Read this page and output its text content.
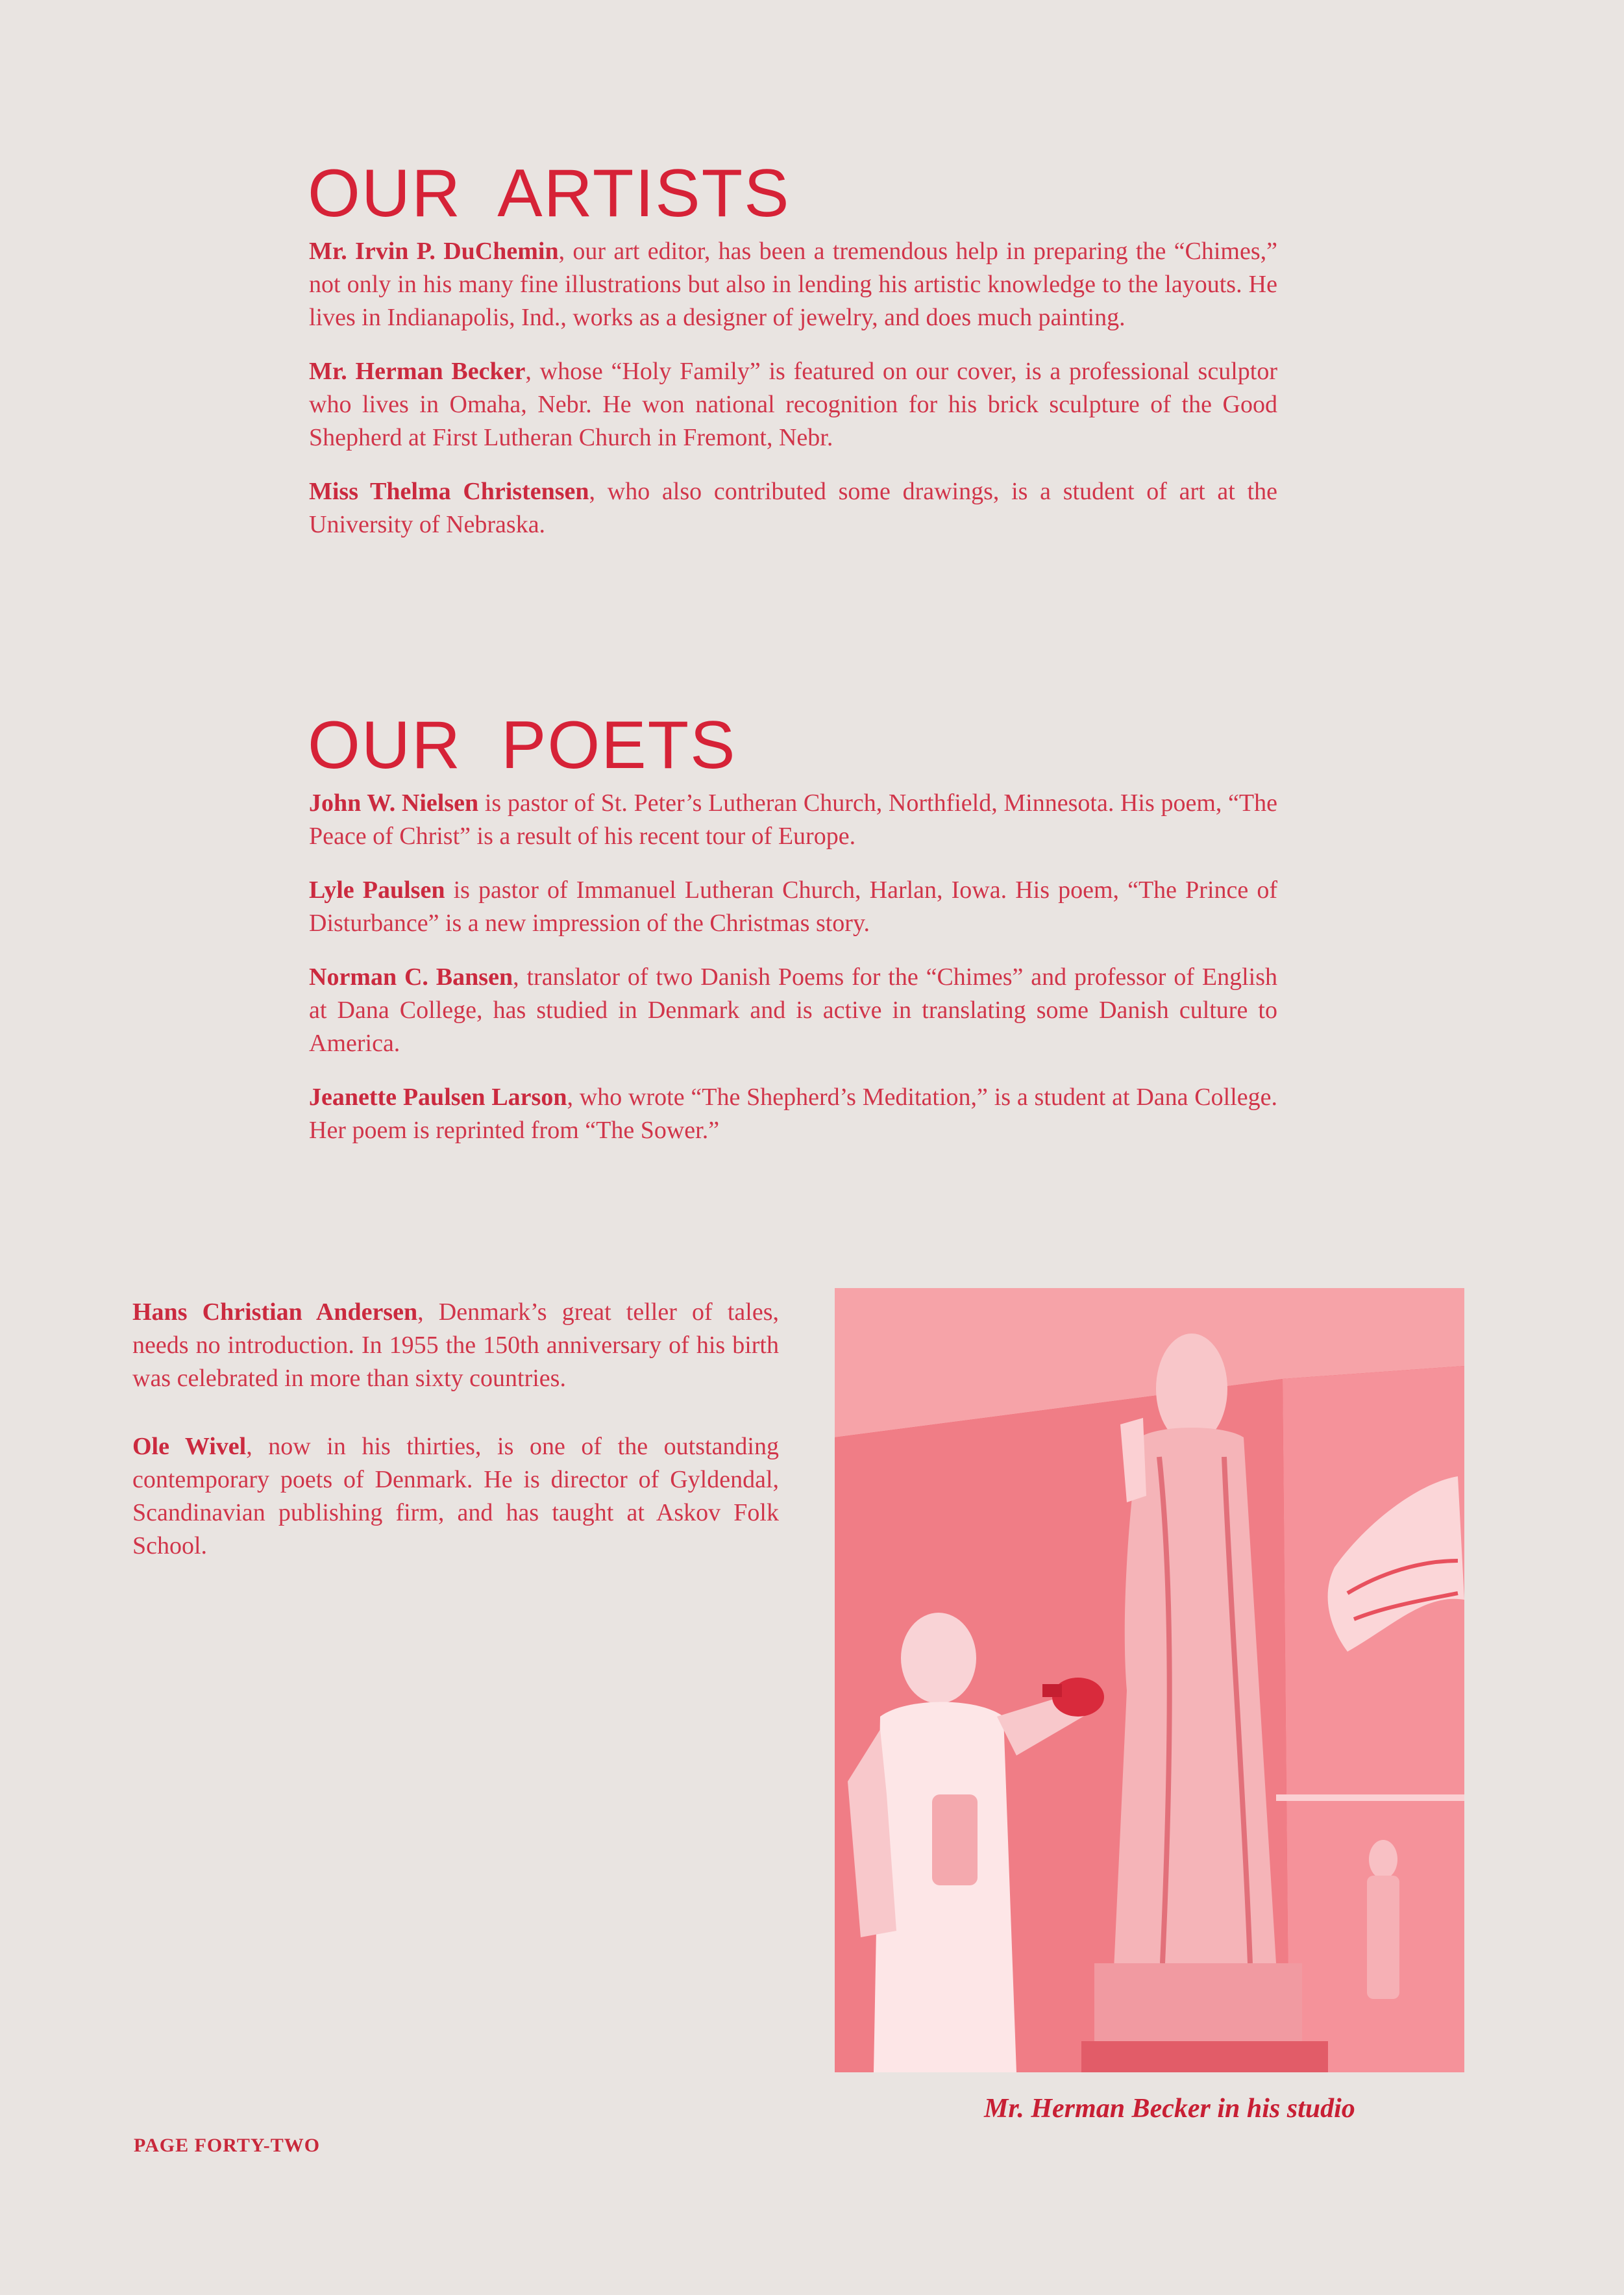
OUR ARTISTS

Mr. Irvin P. DuChemin, our art editor, has been a tremendous help in preparing the “Chimes,” not only in his many fine illustrations but also in lending his artistic knowledge to the layouts. He lives in Indianapolis, Ind., works as a designer of jewelry, and does much painting.

Mr. Herman Becker, whose “Holy Family” is featured on our cover, is a professional sculptor who lives in Omaha, Nebr. He won national recognition for his brick sculpture of the Good Shepherd at First Lutheran Church in Fremont, Nebr.

Miss Thelma Christensen, who also contributed some drawings, is a student of art at the University of Nebraska.

OUR POETS

John W. Nielsen is pastor of St. Peter’s Lutheran Church, Northfield, Minnesota. His poem, “The Peace of Christ” is a result of his recent tour of Europe.

Lyle Paulsen is pastor of Immanuel Lutheran Church, Harlan, Iowa. His poem, “The Prince of Disturbance” is a new impression of the Christmas story.

Norman C. Bansen, translator of two Danish Poems for the “Chimes” and professor of English at Dana College, has studied in Denmark and is active in translating some Danish culture to America.

Jeanette Paulsen Larson, who wrote “The Shepherd’s Meditation,” is a student at Dana College. Her poem is reprinted from “The Sower.”

Hans Christian Andersen, Denmark’s great teller of tales, needs no introduction. In 1955 the 150th anniversary of his birth was celebrated in more than sixty countries.

Ole Wivel, now in his thirties, is one of the outstanding contemporary poets of Denmark. He is director of Gyldendal, Scandinavian publishing firm, and has taught at Askov Folk School.

Mr. Herman Becker in his studio
PAGE FORTY-TWO
